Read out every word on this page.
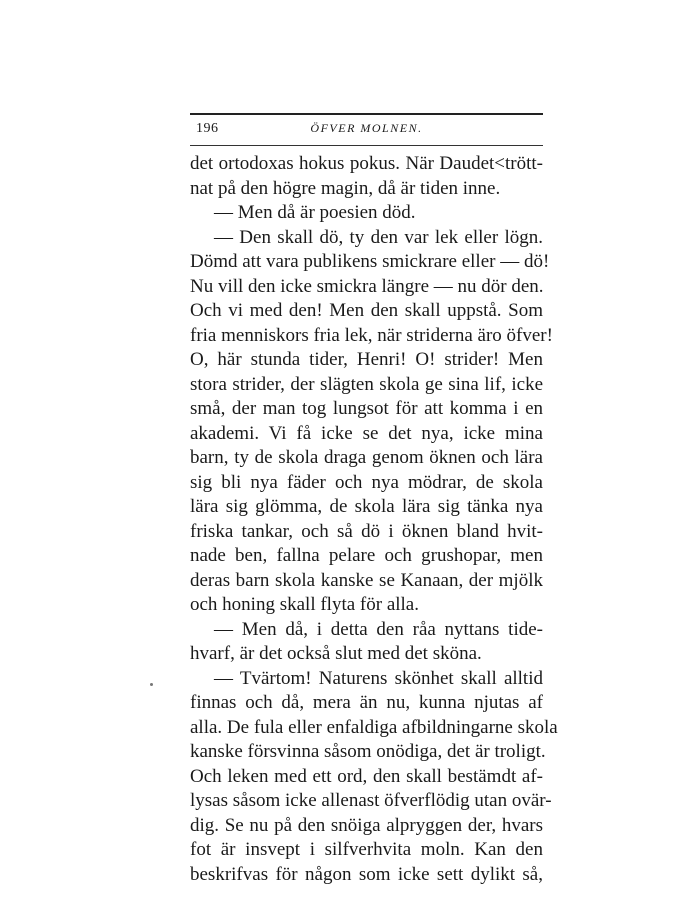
196	ÖFVER MOLNEN.
det ortodoxas hokus pokus. När Daudet˂trött-
nat på den högre magin, då är tiden inne.
— Men då är poesien död.
— Den skall dö, ty den var lek eller lögn.
Dömd att vara publikens smickrare eller — dö!
Nu vill den icke smickra längre — nu dör den.
Och vi med den! Men den skall uppstå. Som
fria menniskors fria lek, när striderna äro öfver!
O, här stunda tider, Henri! O! strider! Men
stora strider, der slägten skola ge sina lif, icke
små, der man tog lungsot för att komma i en
akademi. Vi få icke se det nya, icke mina
barn, ty de skola draga genom öknen och lära
sig bli nya fäder och nya mödrar, de skola
lära sig glömma, de skola lära sig tänka nya
friska tankar, och så dö i öknen bland hvit-
nade ben, fallna pelare och grushopar, men
deras barn skola kanske se Kanaan, der mjölk
och honing skall flyta för alla.
— Men då, i detta den råa nyttans tide-
hvarf, är det också slut med det sköna.
— Tvärtom! Naturens skönhet skall alltid
finnas och då, mera än nu, kunna njutas af
alla. De fula eller enfaldiga afbildningarne skola
kanske försvinna såsom onödiga, det är troligt.
Och leken med ett ord, den skall bestämdt af-
lysas såsom icke allenast öfverflödig utan ovär-
dig. Se nu på den snöiga alpryggen der, hvars
fot är insvept i silfverhvita moln. Kan den
beskrifvas för någon som icke sett dylikt så,
